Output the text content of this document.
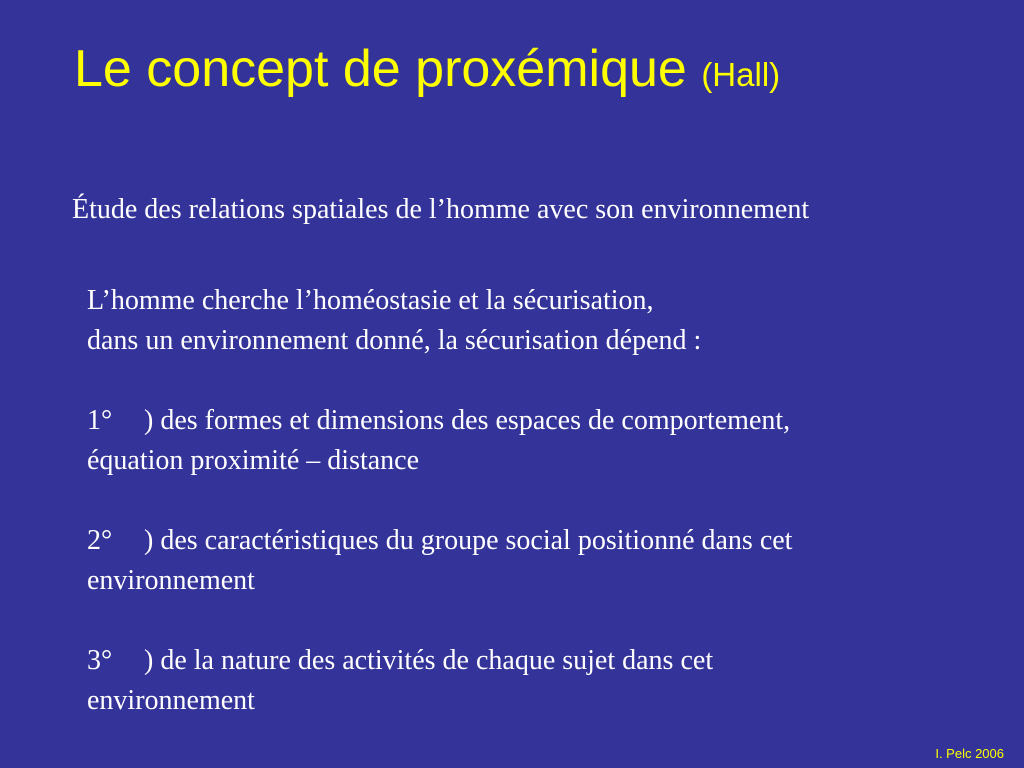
Le concept de proxémique (Hall)

Étude des relations spatiales de l’homme avec son environnement

L’homme cherche l’homéostasie et la sécurisation,

dans un environnement donné, la sécurisation dépend :

1° ) des formes et dimensions des espaces de comportement,

équation proximité – distance

2° ) des caractéristiques du groupe social positionné dans cet

environnement

3° ) de la nature des activités de chaque sujet dans cet

environnement

I. Pelc 2006
